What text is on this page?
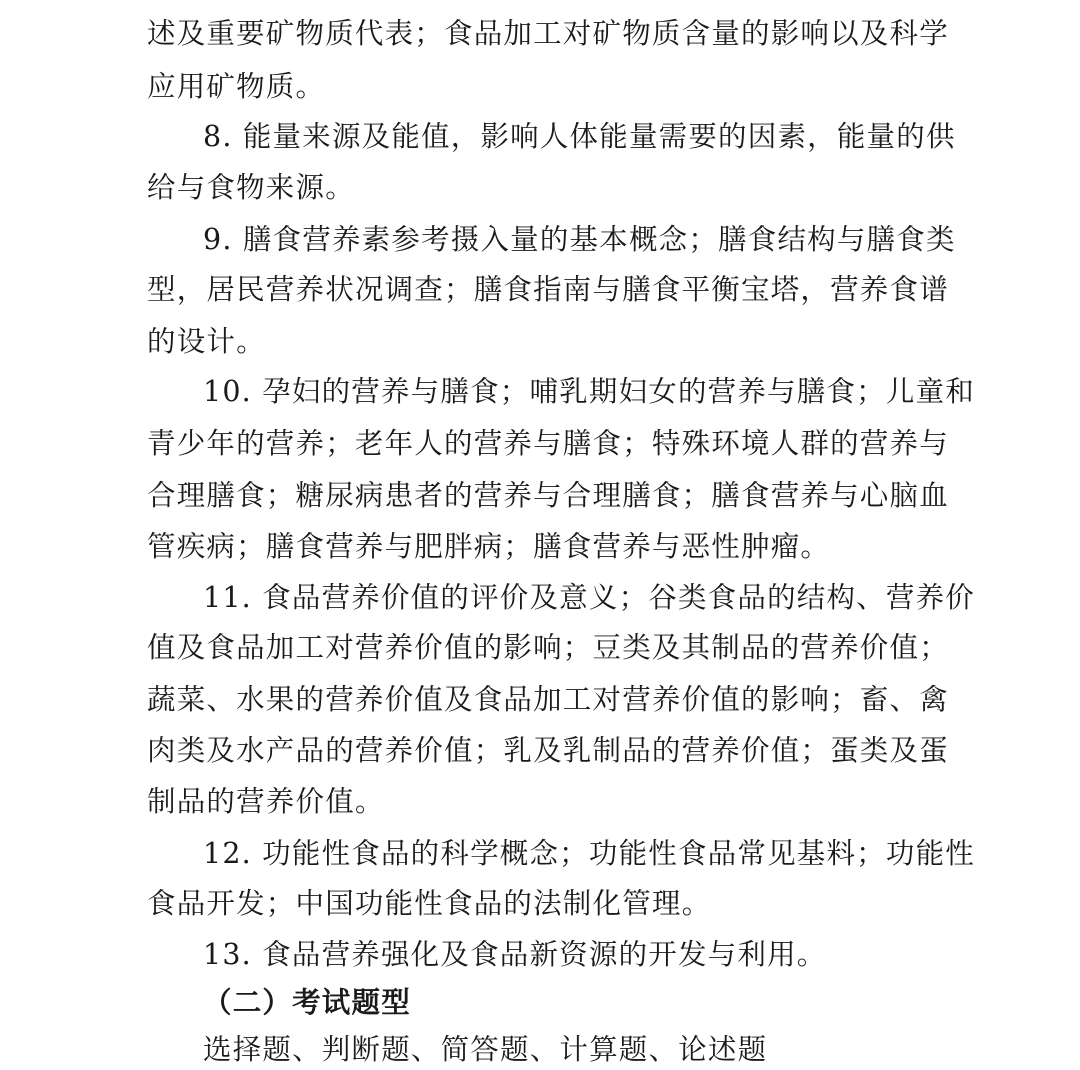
述及重要矿物质代表；食品加工对矿物质含量的影响以及科学
应用矿物质。
8. 能量来源及能值，影响人体能量需要的因素，能量的供
给与食物来源。
9. 膳食营养素参考摄入量的基本概念；膳食结构与膳食类
型，居民营养状况调查；膳食指南与膳食平衡宝塔，营养食谱
的设计。
10. 孕妇的营养与膳食；哺乳期妇女的营养与膳食；儿童和
青少年的营养；老年人的营养与膳食；特殊环境人群的营养与
合理膳食；糖尿病患者的营养与合理膳食；膳食营养与心脑血
管疾病；膳食营养与肥胖病；膳食营养与恶性肿瘤。
11. 食品营养价值的评价及意义；谷类食品的结构、营养价
值及食品加工对营养价值的影响；豆类及其制品的营养价值；
蔬菜、水果的营养价值及食品加工对营养价值的影响；畜、禽
肉类及水产品的营养价值；乳及乳制品的营养价值；蛋类及蛋
制品的营养价值。
12. 功能性食品的科学概念；功能性食品常见基料；功能性
食品开发；中国功能性食品的法制化管理。
13. 食品营养强化及食品新资源的开发与利用。
（二）考试题型
选择题、判断题、简答题、计算题、论述题
